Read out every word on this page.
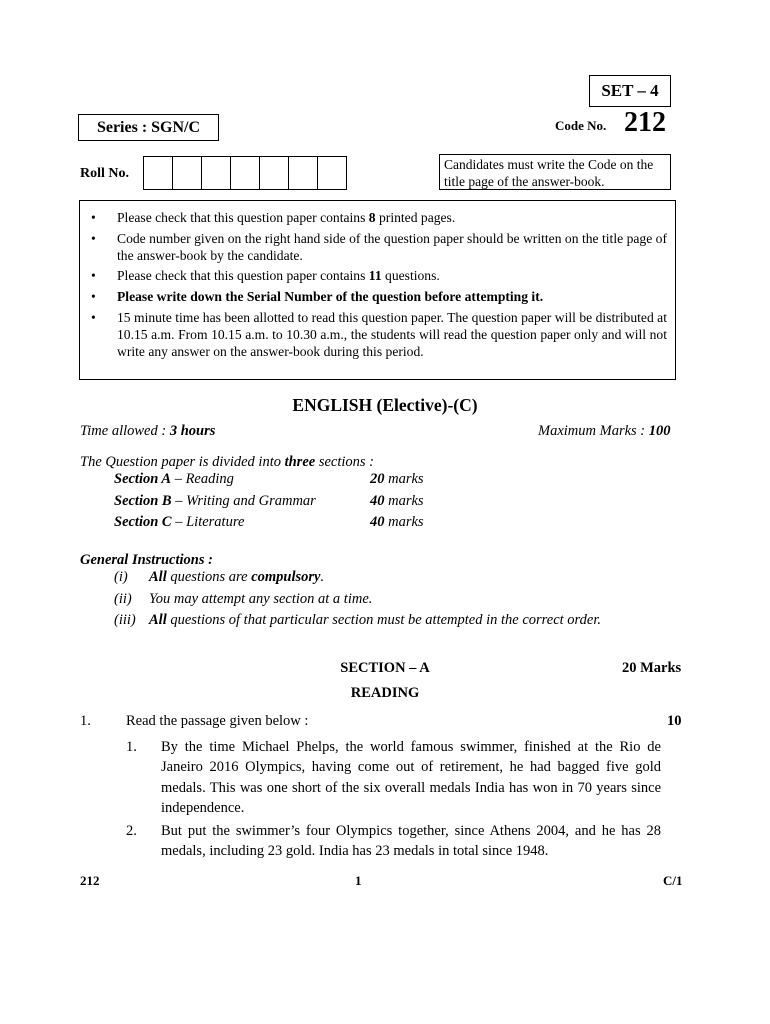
SET – 4
Series : SGN/C	Code No. 212
Roll No.
Candidates must write the Code on the title page of the answer-book.
• Please check that this question paper contains 8 printed pages.
• Code number given on the right hand side of the question paper should be written on the title page of the answer-book by the candidate.
• Please check that this question paper contains 11 questions.
• Please write down the Serial Number of the question before attempting it.
• 15 minute time has been allotted to read this question paper. The question paper will be distributed at 10.15 a.m. From 10.15 a.m. to 10.30 a.m., the students will read the question paper only and will not write any answer on the answer-book during this period.
ENGLISH (Elective)-(C)
Time allowed : 3 hours	Maximum Marks : 100
The Question paper is divided into three sections :
Section A – Reading	20 marks
Section B – Writing and Grammar	40 marks
Section C – Literature	40 marks
General Instructions :
(i)	All questions are compulsory.
(ii)	You may attempt any section at a time.
(iii) All questions of that particular section must be attempted in the correct order.
SECTION – A	20 Marks
READING
1. Read the passage given below :	10
1.	By the time Michael Phelps, the world famous swimmer, finished at the Rio de Janeiro 2016 Olympics, having come out of retirement, he had bagged five gold medals. This was one short of the six overall medals India has won in 70 years since independence.
2.	But put the swimmer’s four Olympics together, since Athens 2004, and he has 28 medals, including 23 gold. India has 23 medals in total since 1948.
212	1	C/1
